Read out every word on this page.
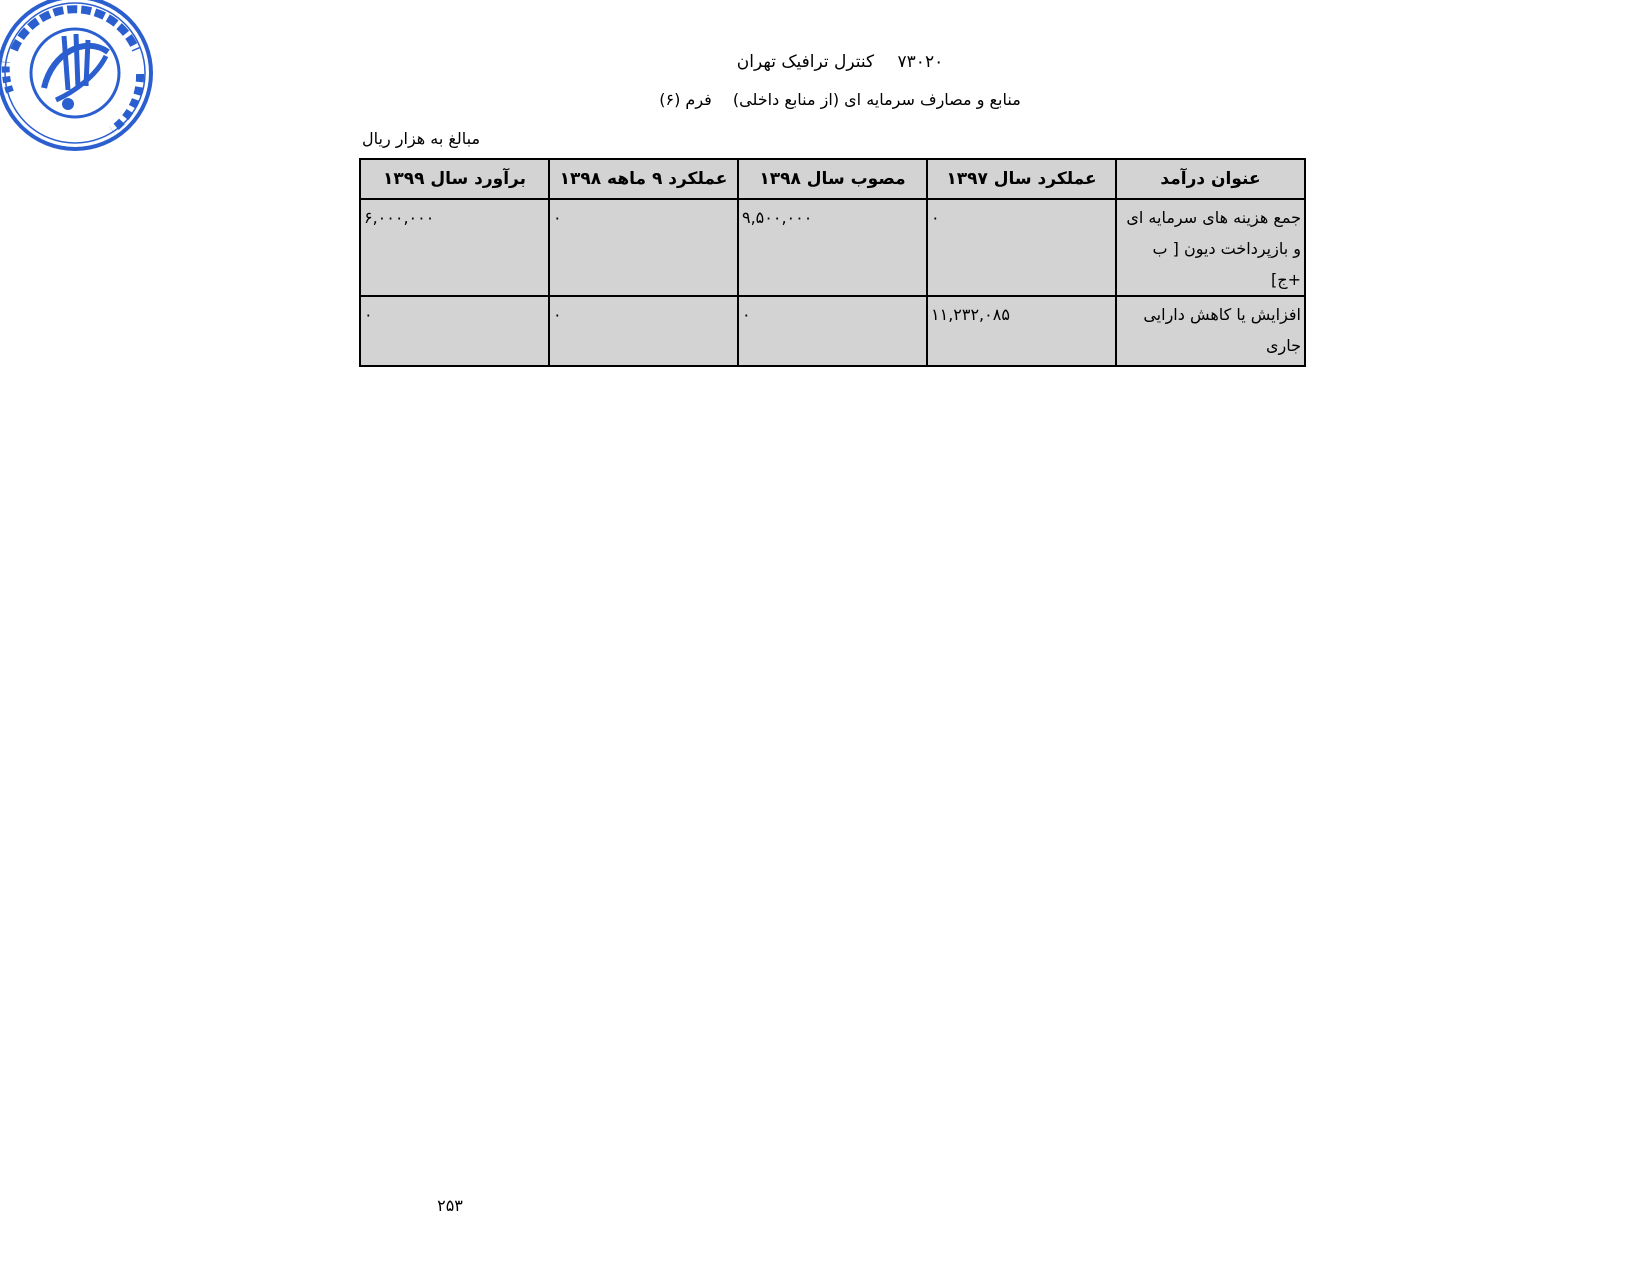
۷۳۰۲۰ کنترل ترافیک تهران
منابع و مصارف سرمایه ای (از منابع داخلی) فرم (۶)
مبالغ به هزار ریال
عنوان درآمد	عملکرد سال ۱۳۹۷	مصوب سال ۱۳۹۸	عملکرد ۹ ماهه ۱۳۹۸	برآورد سال ۱۳۹۹

جمع هزینه های سرمایه ای
و بازپرداخت دیون [ ب +ج]	۰	۹,۵۰۰,۰۰۰	۰	۶,۰۰۰,۰۰۰

افزایش یا کاهش دارایی
جاری	۱۱,۲۳۲,۰۸۵	۰	۰	۰
۲۵۳
